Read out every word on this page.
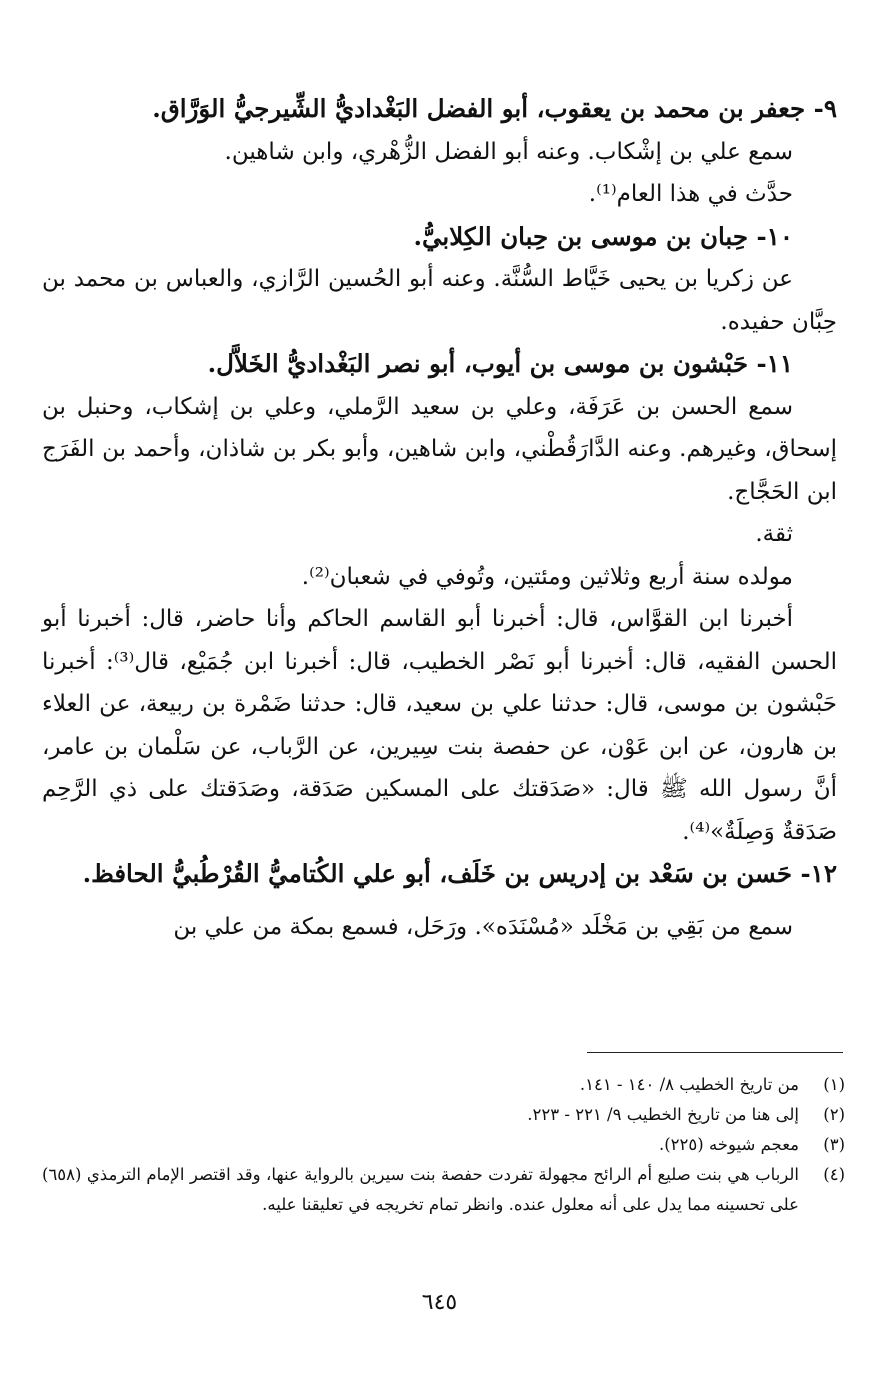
٩- جعفر بن محمد بن يعقوب، أبو الفضل البَغْداديُّ الشِّيرجيُّ الوَرَّاق.

سمع علي بن إشْكاب. وعنه أبو الفضل الزُّهْري، وابن شاهين.

حدَّث في هذا العام⁽¹⁾.

١٠- حِبان بن موسى بن حِبان الكِلابيُّ.

عن زكريا بن يحيى خَيَّاط السُّنَّة. وعنه أبو الحُسين الرَّازي، والعباس بن محمد بن حِبَّان حفيده.

١١- حَبْشون بن موسى بن أيوب، أبو نصر البَغْداديُّ الخَلاَّل.

سمع الحسن بن عَرَفَة، وعلي بن سعيد الرَّملي، وعلي بن إشكاب، وحنبل بن إسحاق، وغيرهم. وعنه الدَّارَقُطْني، وابن شاهين، وأبو بكر بن شاذان، وأحمد بن الفَرَج ابن الحَجَّاج.

ثقة.

مولده سنة أربع وثلاثين ومئتين، وتُوفي في شعبان⁽²⁾.

أخبرنا ابن القوَّاس، قال: أخبرنا أبو القاسم الحاكم وأنا حاضر، قال: أخبرنا أبو الحسن الفقيه، قال: أخبرنا أبو نَصْر الخطيب، قال: أخبرنا ابن جُمَيْع، قال⁽³⁾: أخبرنا حَبْشون بن موسى، قال: حدثنا علي بن سعيد، قال: حدثنا ضَمْرة بن ربيعة، عن العلاء بن هارون، عن ابن عَوْن، عن حفصة بنت سِيرين، عن الرَّباب، عن سَلْمان بن عامر، أنَّ رسول الله ﷺ قال: «صَدَقتك على المسكين صَدَقة، وصَدَقتك على ذي الرَّحِم صَدَقةٌ وَصِلَةٌ»⁽⁴⁾.

١٢- حَسن بن سَعْد بن إدريس بن خَلَف، أبو علي الكُتاميُّ القُرْطُبيُّ الحافظ.

سمع من بَقِي بن مَخْلَد «مُسْنَدَه». ورَحَل، فسمع بمكة من علي بن

(١)
من تاريخ الخطيب ٨/ ١٤٠ - ١٤١.
(٢)
إلى هنا من تاريخ الخطيب ٩/ ٢٢١ - ٢٢٣.
(٣)
معجم شيوخه (٢٢٥).
(٤)
الرباب هي بنت صليع أم الرائح مجهولة تفردت حفصة بنت سيرين بالرواية عنها، وقد اقتصر الإمام الترمذي (٦٥٨) على تحسينه مما يدل على أنه معلول عنده. وانظر تمام تخريجه في تعليقنا عليه.
٦٤٥
